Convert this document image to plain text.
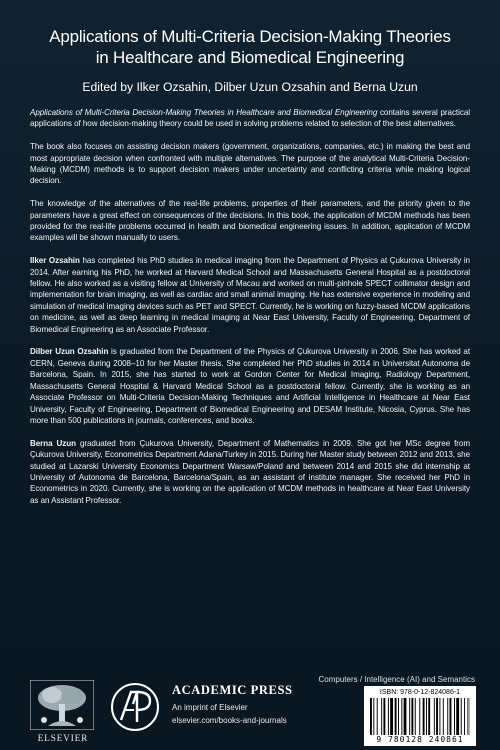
Applications of Multi-Criteria Decision-Making Theories
in Healthcare and Biomedical Engineering
Edited by Ilker Ozsahin, Dilber Uzun Ozsahin and Berna Uzun

Applications of Multi-Criteria Decision-Making Theories in Healthcare and Biomedical Engineering contains several practical applications of how decision-making theory could be used in solving problems related to selection of the best alternatives.

The book also focuses on assisting decision makers (government, organizations, companies, etc.) in making the best and most appropriate decision when confronted with multiple alternatives. The purpose of the analytical Multi-Criteria Decision-Making (MCDM) methods is to support decision makers under uncertainty and conflicting criteria while making logical decision.

The knowledge of the alternatives of the real-life problems, properties of their parameters, and the priority given to the parameters have a great effect on consequences of the decisions. In this book, the application of MCDM methods has been provided for the real-life problems occurred in health and biomedical engineering issues. In addition, application of MCDM examples will be shown manually to users.

Ilker Ozsahin has completed his PhD studies in medical imaging from the Department of Physics at Çukurova University in 2014. After earning his PhD, he worked at Harvard Medical School and Massachusetts General Hospital as a postdoctoral fellow. He also worked as a visiting fellow at University of Macau and worked on multi-pinhole SPECT collimator design and implementation for brain imaging, as well as cardiac and small animal imaging. He has extensive experience in modeling and simulation of medical imaging devices such as PET and SPECT. Currently, he is working on fuzzy-based MCDM applications on medicine, as well as deep learning in medical imaging at Near East University, Faculty of Engineering, Department of Biomedical Engineering as an Associate Professor.

Dilber Uzun Ozsahin is graduated from the Department of the Physics of Çukurova University in 2006. She has worked at CERN, Geneva during 2008–10 for her Master thesis. She completed her PhD studies in 2014 in Universitat Autonoma de Barcelona, Spain. In 2015, she has started to work at Gordon Center for Medical Imaging, Radiology Department, Massachusetts General Hospital & Harvard Medical School as a postdoctoral fellow. Currently, she is working as an Associate Professor on Multi-Criteria Decision-Making Techniques and Artificial Intelligence in Healthcare at Near East University, Faculty of Engineering, Department of Biomedical Engineering and DESAM Institute, Nicosia, Cyprus. She has more than 500 publications in journals, conferences, and books.

Berna Uzun graduated from Çukurova University, Department of Mathematics in 2009. She got her MSc degree from Çukurova University, Econometrics Department Adana/Turkey in 2015. During her Master study between 2012 and 2013, she studied at Lazarski University Economics Department Warsaw/Poland and between 2014 and 2015 she did internship at University of Autonoma de Barcelona, Barcelona/Spain, as an assistant of institute manager. She received her PhD in Econometrics in 2020. Currently, she is working on the application of MCDM methods in healthcare at Near East University as an Assistant Professor.

Computers / Intelligence (AI) and Semantics
ELSEVIER
ACADEMIC PRESS
An imprint of Elsevier
elsevier.com/books-and-journals
ISBN: 978-0-12-824086-1
9 780128 240861
